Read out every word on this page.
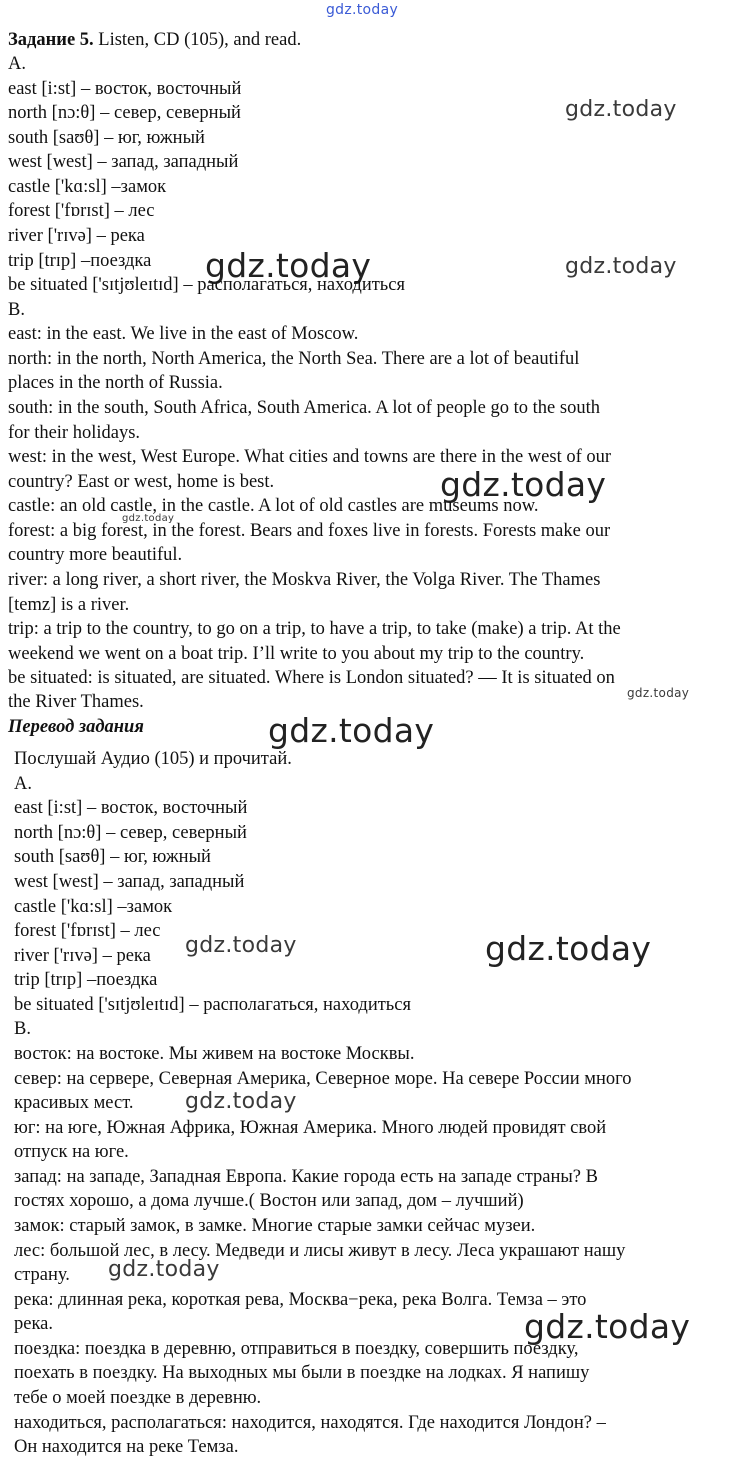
gdz.today
gdz.today
gdz.today	gdz.today
gdz.today
gdz.today
gdz.today
gdz.today
gdz.today	gdz.today
gdz.today
gdz.today
gdz.today
Задание 5. Listen, CD (105), and read.
A.
east [i:st] – восток, восточный
north [nɔ:θ] – север, северный
south [saʊθ] – юг, южный
west [west] – запад, западный
castle ['kɑ:sl] –замок
forest ['fɒrɪst] – лес
river ['rɪvə] – река
trip [trɪp] –поездка
be situated ['sɪtjʊleɪtɪd] – располагаться, находиться
B.
east: in the east. We live in the east of Moscow.
north: in the north, North America, the North Sea. There are a lot of beautiful
places in the north of Russia.
south: in the south, South Africa, South America. A lot of people go to the south
for their holidays.
west: in the west, West Europe. What cities and towns are there in the west of our
country? East or west, home is best.
castle: an old castle, in the castle. A lot of old castles are museums now.
forest: a big forest, in the forest. Bears and foxes live in forests. Forests make our
country more beautiful.
river: a long river, a short river, the Moskva River, the Volga River. The Thames
[temz] is a river.
trip: a trip to the country, to go on a trip, to have a trip, to take (make) a trip. At the
weekend we went on a boat trip. I’ll write to you about my trip to the country.
be situated: is situated, are situated. Where is London situated? — It is situated on
the River Thames.
Перевод задания
Послушай Аудио (105) и прочитай.
A.
east [i:st] – восток, восточный
north [nɔ:θ] – север, северный
south [saʊθ] – юг, южный
west [west] – запад, западный
castle ['kɑ:sl] –замок
forest ['fɒrɪst] – лес
river ['rɪvə] – река
trip [trɪp] –поездка
be situated ['sɪtjʊleɪtɪd] – располагаться, находиться
B.
восток: на востоке. Мы живем на востоке Москвы.
север: на сервере, Северная Америка, Северное море. На севере России много
красивых мест.
юг: на юге, Южная Африка, Южная Америка. Много людей провидят свой
отпуск на юге.
запад: на западе, Западная Европа. Какие города есть на западе страны? В
гостях хорошо, а дома лучше.( Востон или запад, дом – лучший)
замок: старый замок, в замке. Многие старые замки сейчас музеи.
лес: большой лес, в лесу. Медведи и лисы живут в лесу. Леса украшают нашу
страну.
река: длинная река, короткая рева, Москва−река, река Волга. Темза – это
река.
поездка: поездка в деревню, отправиться в поездку, совершить поездку,
поехать в поездку. На выходных мы были в поездке на лодках. Я напишу
тебе о моей поездке в деревню.
находиться, располагаться: находится, находятся. Где находится Лондон? –
Он находится на реке Темза.
